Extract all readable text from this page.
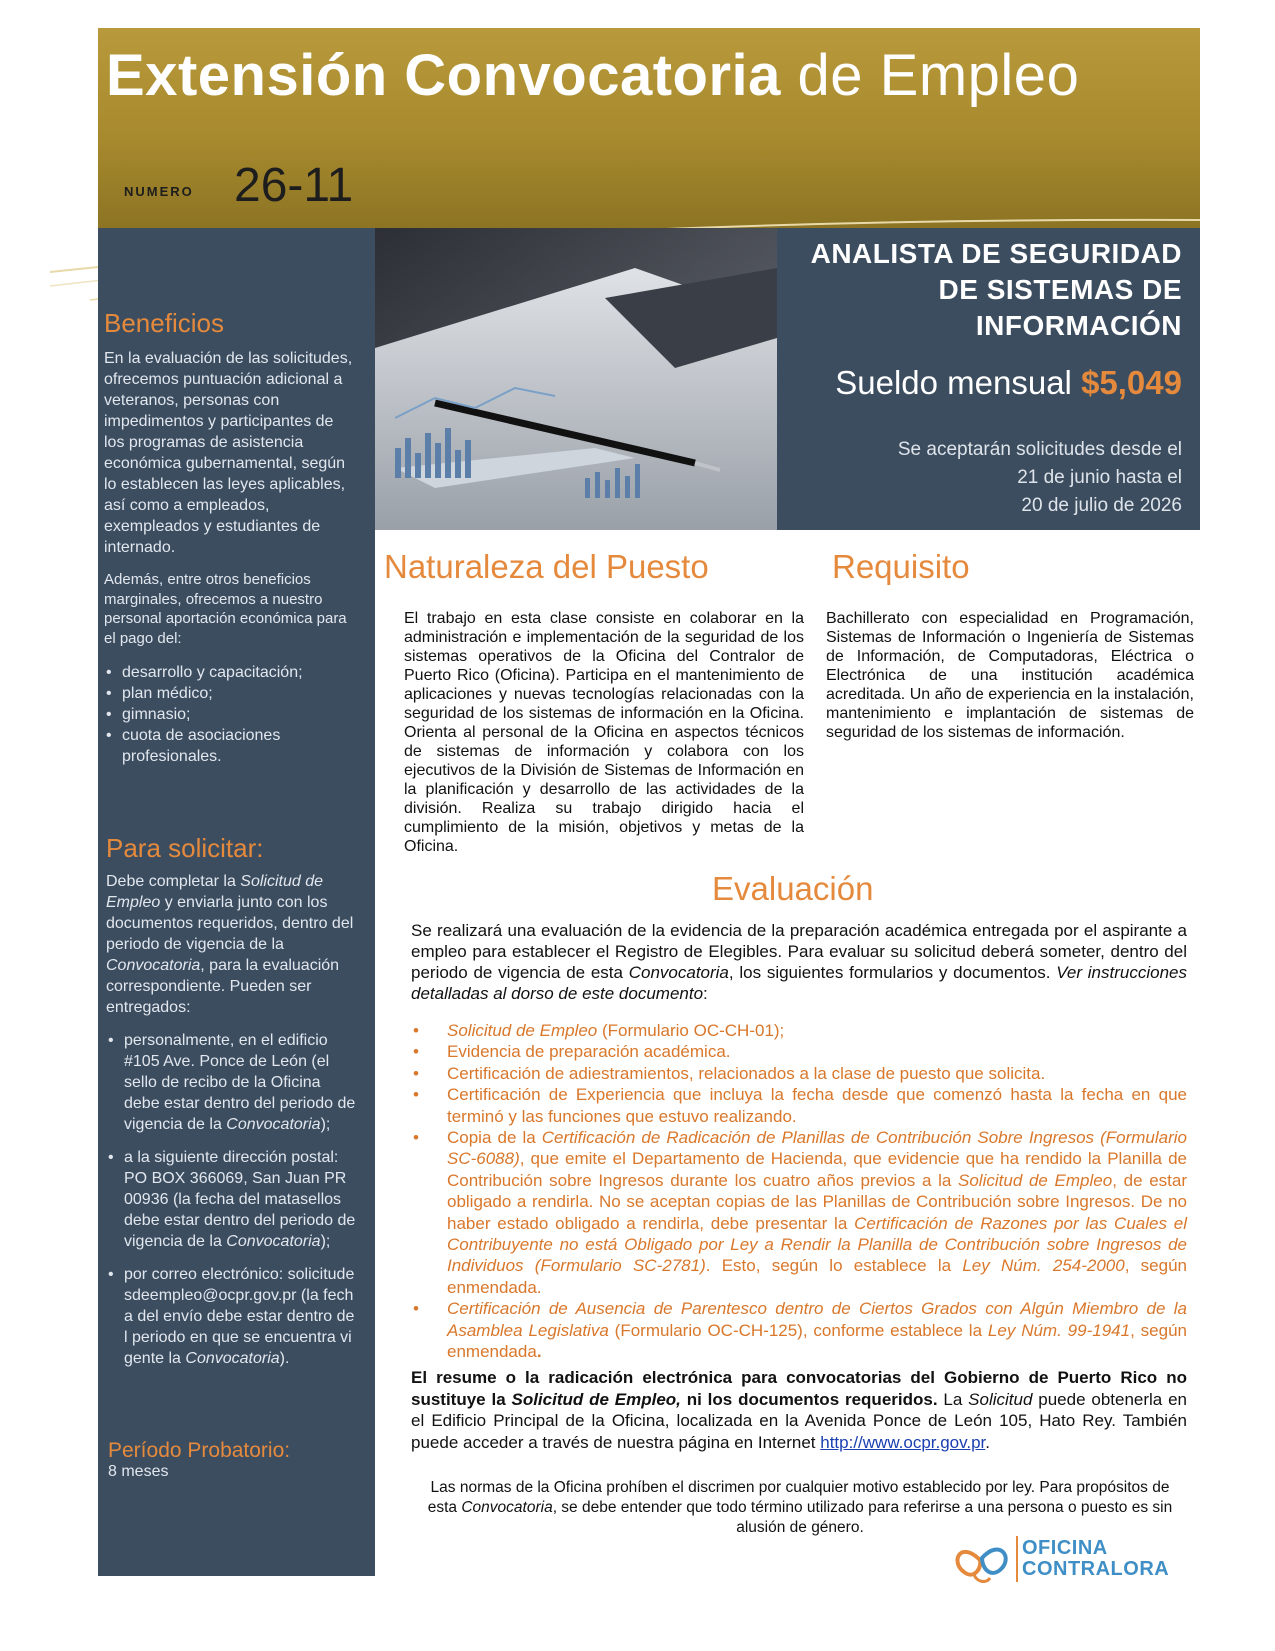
Extensión Convocatoria de Empleo
NUMERO 26-11
ANALISTA DE SEGURIDAD
DE SISTEMAS DE
INFORMACIÓN
Sueldo mensual $5,049
Se aceptarán solicitudes desde el
21 de junio hasta el
20 de julio de 2026
Beneficios

En la evaluación de las solicitudes, ofrecemos puntuación adicional a veteranos, personas con impedimentos y participantes de los programas de asistencia económica gubernamental, según lo establecen las leyes aplicables, así como a empleados, exempleados y estudiantes de internado.

Además, entre otros beneficios marginales, ofrecemos a nuestro personal aportación económica para el pago del:

• desarrollo y capacitación;
• plan médico;
• gimnasio;
• cuota de asociaciones profesionales.
Para solicitar:

Debe completar la Solicitud de Empleo y enviarla junto con los documentos requeridos, dentro del periodo de vigencia de la Convocatoria, para la evaluación correspondiente. Pueden ser entregados:

• personalmente, en el edificio #105 Ave. Ponce de León (el sello de recibo de la Oficina debe estar dentro del periodo de vigencia de la Convocatoria);
• a la siguiente dirección postal: PO BOX 366069, San Juan PR 00936 (la fecha del matasellos debe estar dentro del periodo de vigencia de la Convocatoria);
• por correo electrónico: solicitudesdeempleo@ocpr.gov.pr (la fecha del envío debe estar dentro del periodo en que se encuentra vigente la Convocatoria).
Período Probatorio:

8 meses

Naturaleza del Puesto

El trabajo en esta clase consiste en colaborar en la administración e implementación de la seguridad de los sistemas operativos de la Oficina del Contralor de Puerto Rico (Oficina). Participa en el mantenimiento de aplicaciones y nuevas tecnologías relacionadas con la seguridad de los sistemas de información en la Oficina. Orienta al personal de la Oficina en aspectos técnicos de sistemas de información y colabora con los ejecutivos de la División de Sistemas de Información en la planificación y desarrollo de las actividades de la división. Realiza su trabajo dirigido hacia el cumplimiento de la misión, objetivos y metas de la Oficina.

Requisito

Bachillerato con especialidad en Programación, Sistemas de Información o Ingeniería de Sistemas de Información, de Computadoras, Eléctrica o Electrónica de una institución académica acreditada. Un año de experiencia en la instalación, mantenimiento e implantación de sistemas de seguridad de los sistemas de información.

Evaluación

Se realizará una evaluación de la evidencia de la preparación académica entregada por el aspirante a empleo para establecer el Registro de Elegibles. Para evaluar su solicitud deberá someter, dentro del periodo de vigencia de esta Convocatoria, los siguientes formularios y documentos. Ver instrucciones detalladas al dorso de este documento:

• Solicitud de Empleo (Formulario OC-CH-01);
• Evidencia de preparación académica.
• Certificación de adiestramientos, relacionados a la clase de puesto que solicita.
• Certificación de Experiencia que incluya la fecha desde que comenzó hasta la fecha en que terminó y las funciones que estuvo realizando.
• Copia de la Certificación de Radicación de Planillas de Contribución Sobre Ingresos (Formulario SC-6088), que emite el Departamento de Hacienda, que evidencie que ha rendido la Planilla de Contribución sobre Ingresos durante los cuatro años previos a la Solicitud de Empleo, de estar obligado a rendirla. No se aceptan copias de las Planillas de Contribución sobre Ingresos. De no haber estado obligado a rendirla, debe presentar la Certificación de Razones por las Cuales el Contribuyente no está Obligado por Ley a Rendir la Planilla de Contribución sobre Ingresos de Individuos (Formulario SC-2781). Esto, según lo establece la Ley Núm. 254-2000, según enmendada.
• Certificación de Ausencia de Parentesco dentro de Ciertos Grados con Algún Miembro de la Asamblea Legislativa (Formulario OC-CH-125), conforme establece la Ley Núm. 99-1941, según enmendada.

El resume o la radicación electrónica para convocatorias del Gobierno de Puerto Rico no sustituye la Solicitud de Empleo, ni los documentos requeridos. La Solicitud puede obtenerla en el Edificio Principal de la Oficina, localizada en la Avenida Ponce de León 105, Hato Rey. También puede acceder a través de nuestra página en Internet http://www.ocpr.gov.pr.

Las normas de la Oficina prohíben el discrimen por cualquier motivo establecido por ley. Para propósitos de esta Convocatoria, se debe entender que todo término utilizado para referirse a una persona o puesto es sin alusión de género.

OFICINA
CONTRALORA
